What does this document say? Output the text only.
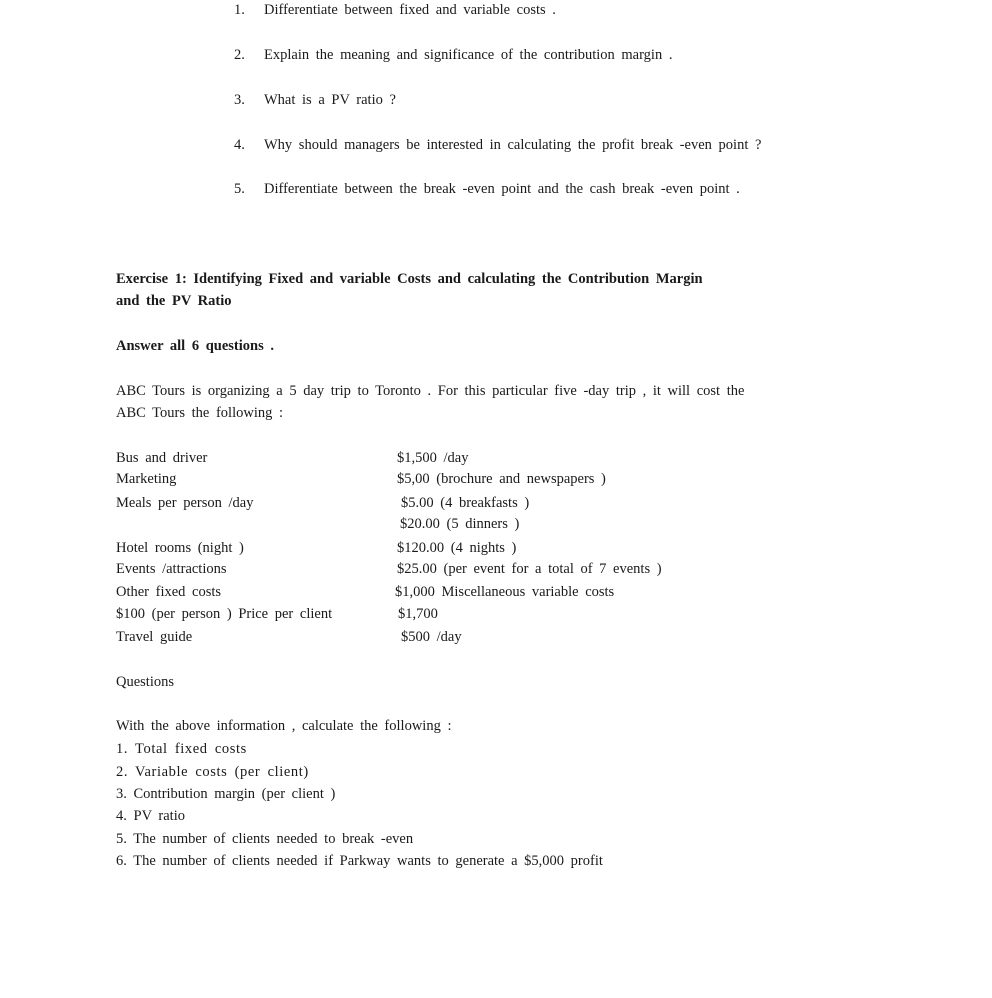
1. Differentiate between fixed and variable costs .
2. Explain the meaning and significance of the contribution margin .
3. What is a PV ratio ?
4. Why should managers be interested in calculating the profit break -even point ?
5. Differentiate between the break -even point and the cash break -even point .
Exercise 1: Identifying Fixed and variable Costs and calculating the Contribution Margin
and the PV Ratio
Answer all 6 questions .
ABC Tours is organizing a 5 day trip to Toronto . For this particular five -day trip , it will cost the
ABC Tours the following :
Bus and driver	$1,500 /day
Marketing	$5,00 (brochure and newspapers )
Meals per person /day	$5.00 (4 breakfasts )
$20.00 (5 dinners )
Hotel rooms (night )	$120.00 (4 nights )
Events /attractions	$25.00 (per event for a total of 7 events )
Other fixed costs	$1,000 Miscellaneous variable costs
$100 (per person ) Price per client	$1,700
Travel guide	$500 /day
Questions
With the above information , calculate the following :
1. Total fixed costs
2. Variable costs (per client)
3. Contribution margin (per client )
4. PV ratio
5. The number of clients needed to break -even
6. The number of clients needed if Parkway wants to generate a $5,000 profit
